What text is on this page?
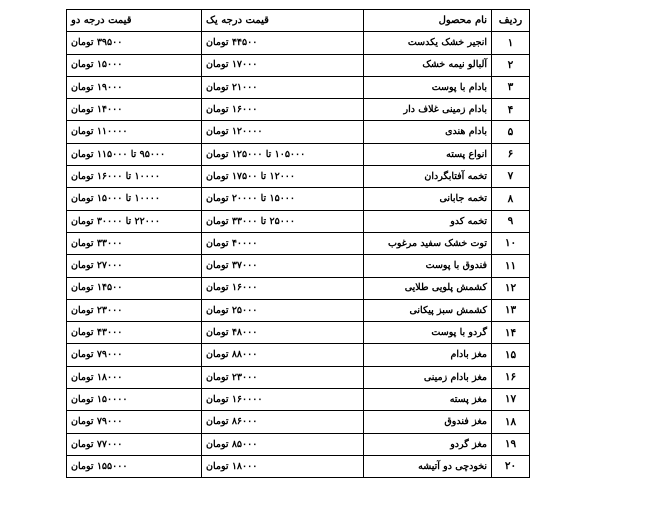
ردیف	نام محصول	قیمت درجه یک	قیمت درجه دو
۱	انجیر خشک یکدست	۴۴۵۰۰ تومان	۳۹۵۰۰ تومان
۲	آلبالو نیمه خشک	۱۷۰۰۰ تومان	۱۵۰۰۰ تومان
۳	بادام با پوست	۲۱۰۰۰ تومان	۱۹۰۰۰ تومان
۴	بادام زمینی غلاف دار	۱۶۰۰۰ تومان	۱۴۰۰۰ تومان
۵	بادام هندی	۱۲۰۰۰۰ تومان	۱۱۰۰۰۰ تومان
۶	انواع پسته	۱۰۵۰۰۰ تا ۱۲۵۰۰۰ تومان	۹۵۰۰۰ تا ۱۱۵۰۰۰ تومان
۷	تخمه آفتابگردان	۱۲۰۰۰ تا ۱۷۵۰۰ تومان	۱۰۰۰۰ تا ۱۶۰۰۰ تومان
۸	تخمه جابانی	۱۵۰۰۰ تا ۲۰۰۰۰ تومان	۱۰۰۰۰ تا ۱۵۰۰۰ تومان
۹	تخمه کدو	۲۵۰۰۰ تا ۳۳۰۰۰ تومان	۲۲۰۰۰ تا ۳۰۰۰۰ تومان
۱۰	توت خشک سفید مرغوب	۴۰۰۰۰ تومان	۳۳۰۰۰ تومان
۱۱	فندوق با پوست	۳۷۰۰۰ تومان	۲۷۰۰۰ تومان
۱۲	کشمش پلویی طلایی	۱۶۰۰۰ تومان	۱۴۵۰۰ تومان
۱۳	کشمش سبز پیکانی	۲۵۰۰۰ تومان	۲۳۰۰۰ تومان
۱۴	گردو با پوست	۴۸۰۰۰ تومان	۴۳۰۰۰ تومان
۱۵	مغز بادام	۸۸۰۰۰ تومان	۷۹۰۰۰ تومان
۱۶	مغز بادام زمینی	۲۳۰۰۰ تومان	۱۸۰۰۰ تومان
۱۷	مغز پسته	۱۶۰۰۰۰ تومان	۱۵۰۰۰۰ تومان
۱۸	مغز فندوق	۸۶۰۰۰ تومان	۷۹۰۰۰ تومان
۱۹	مغز گردو	۸۵۰۰۰ تومان	۷۷۰۰۰ تومان
۲۰	نخودچی دو آتیشه	۱۸۰۰۰ تومان	۱۵۵۰۰۰ تومان
